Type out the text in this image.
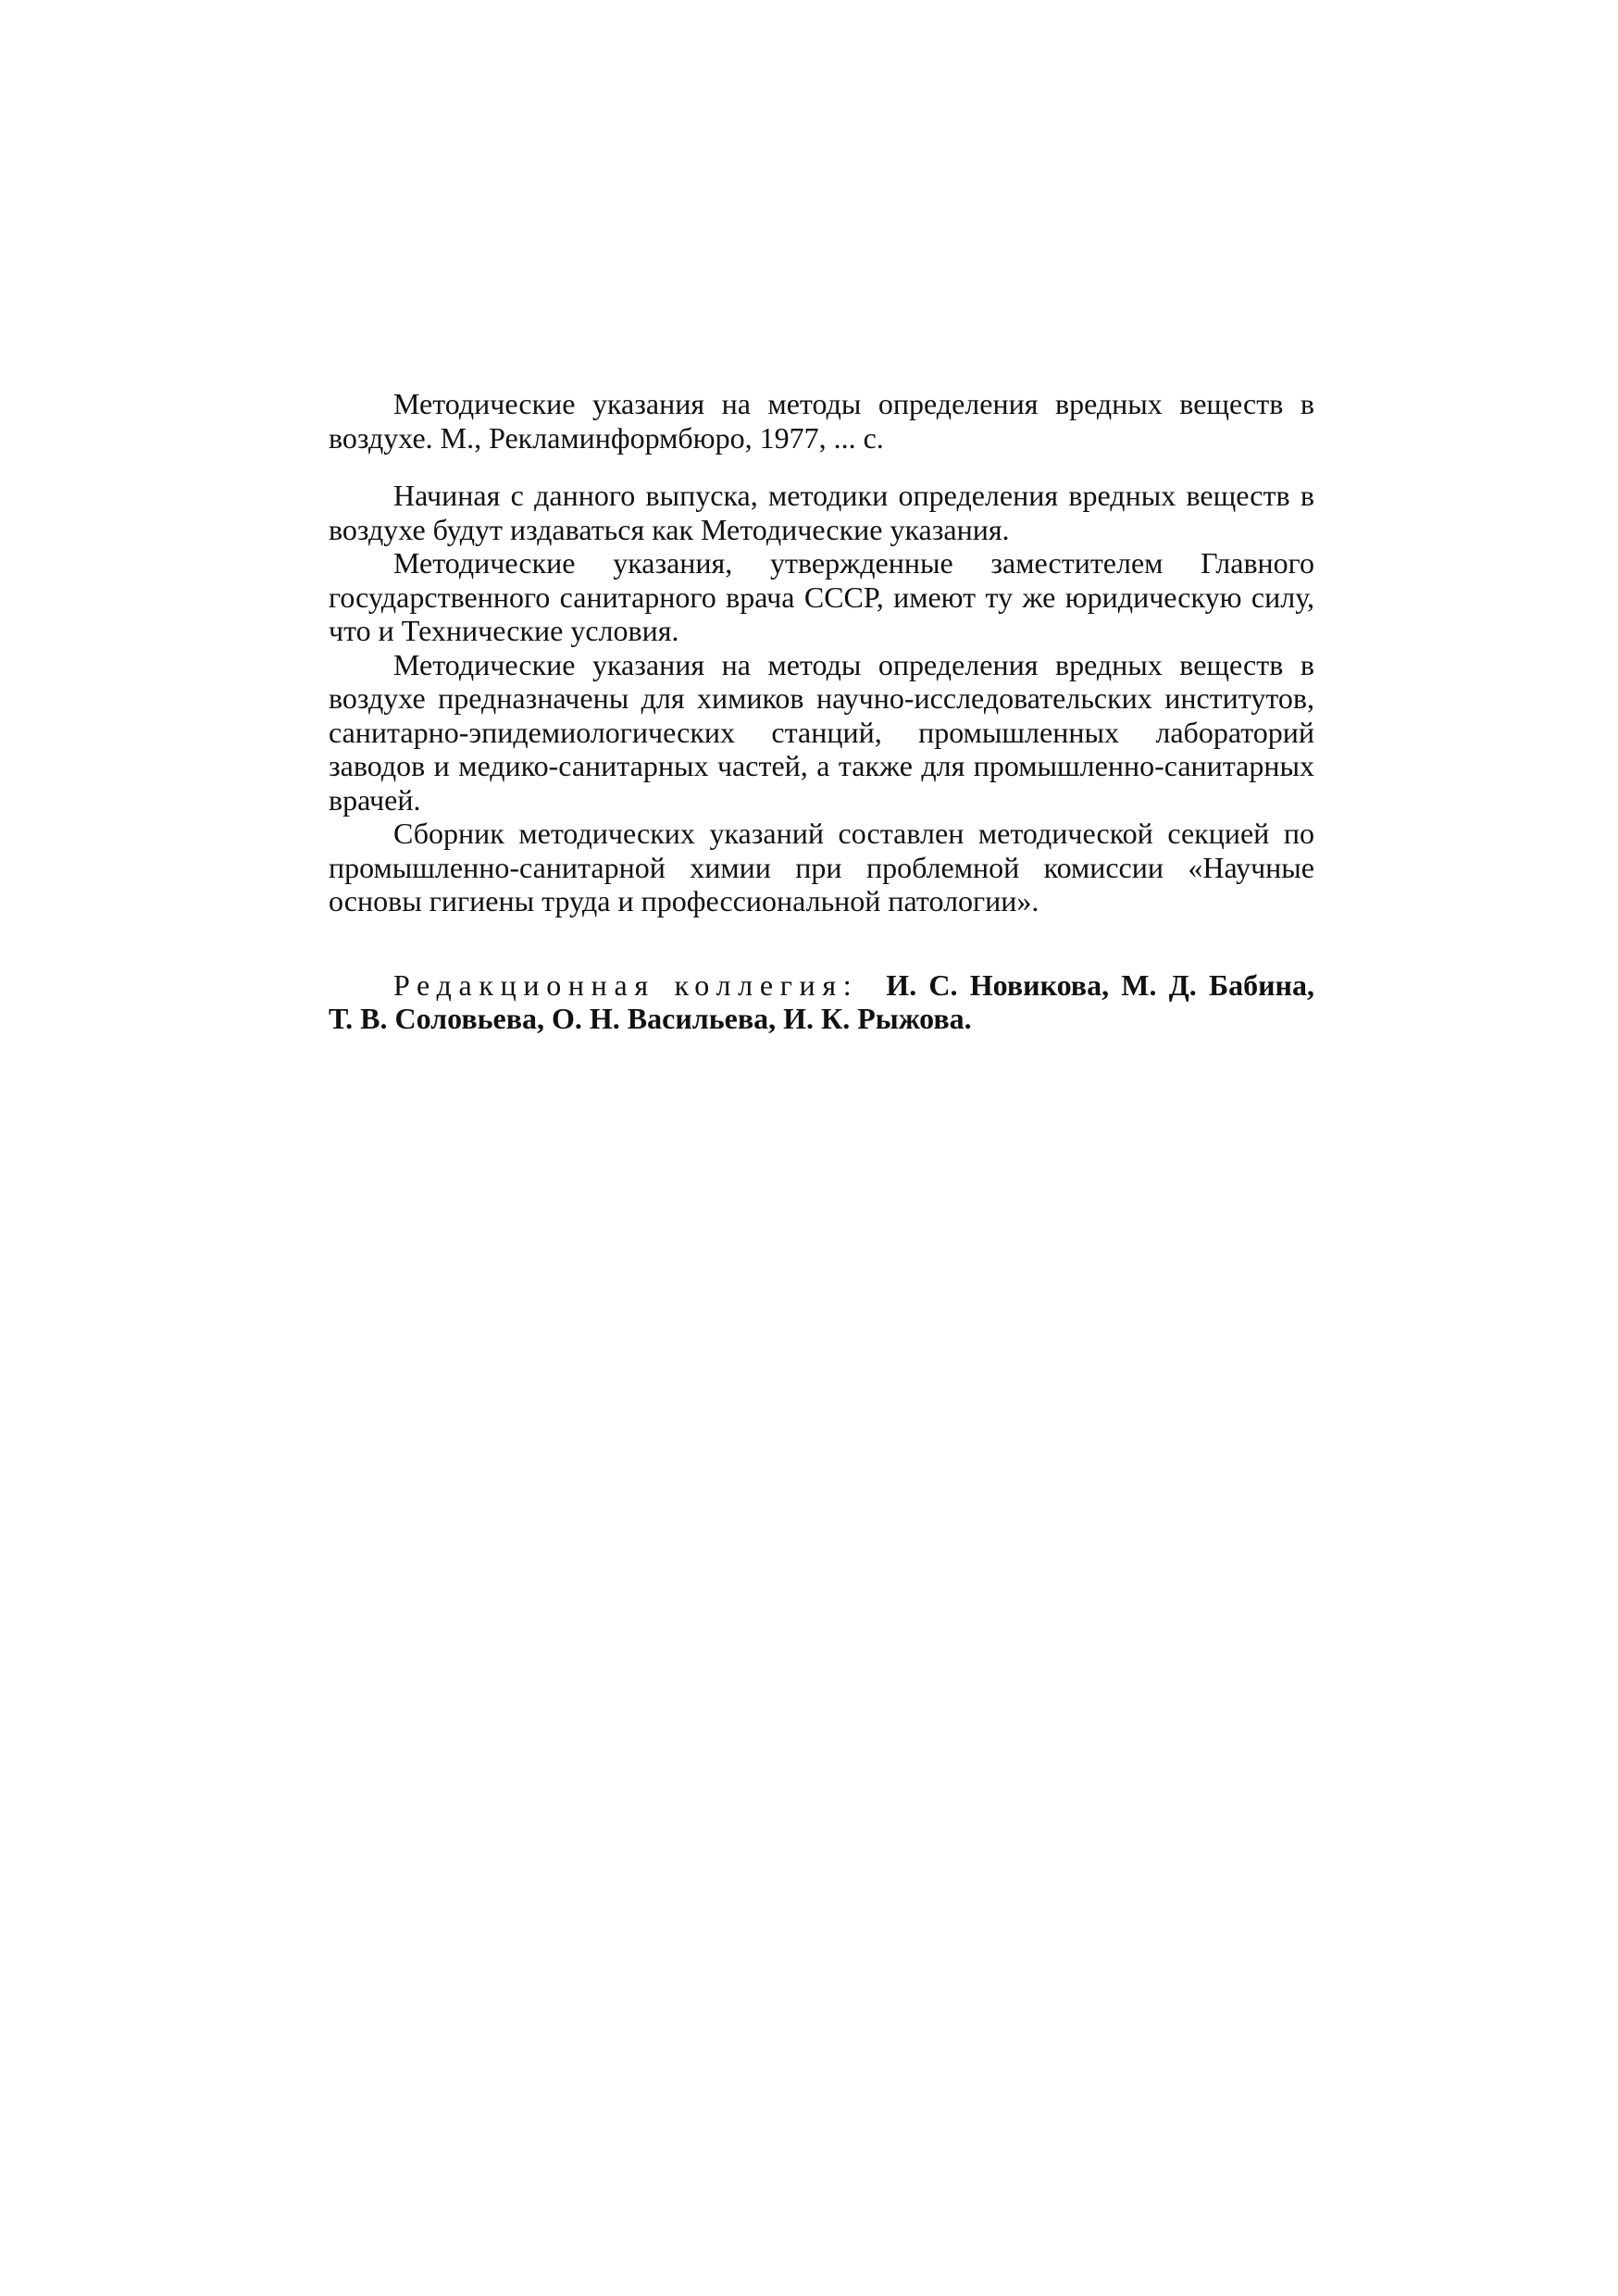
Методические указания на методы определения вредных веществ в воздухе. М., Рекламинформбюро, 1977, ... с.

Начиная с данного выпуска, методики определения вредных веществ в воздухе будут издаваться как Методические указания.

Методические указания, утвержденные заместителем Главного государственного санитарного врача СССР, имеют ту же юридическую силу, что и Технические условия.

Методические указания на методы определения вредных веществ в воздухе предназначены для химиков научно-исследовательских институтов, санитарно-эпидемиологических станций, промышленных лабораторий заводов и медико-санитарных частей, а также для промышленно-санитарных врачей.

Сборник методических указаний составлен методической секцией по промышленно-санитарной химии при проблемной комиссии «Научные основы гигиены труда и профессиональной патологии».

Редакционная коллегия: И. С. Новикова, М. Д. Бабина, Т. В. Соловьева, О. Н. Васильева, И. К. Рыжова.
